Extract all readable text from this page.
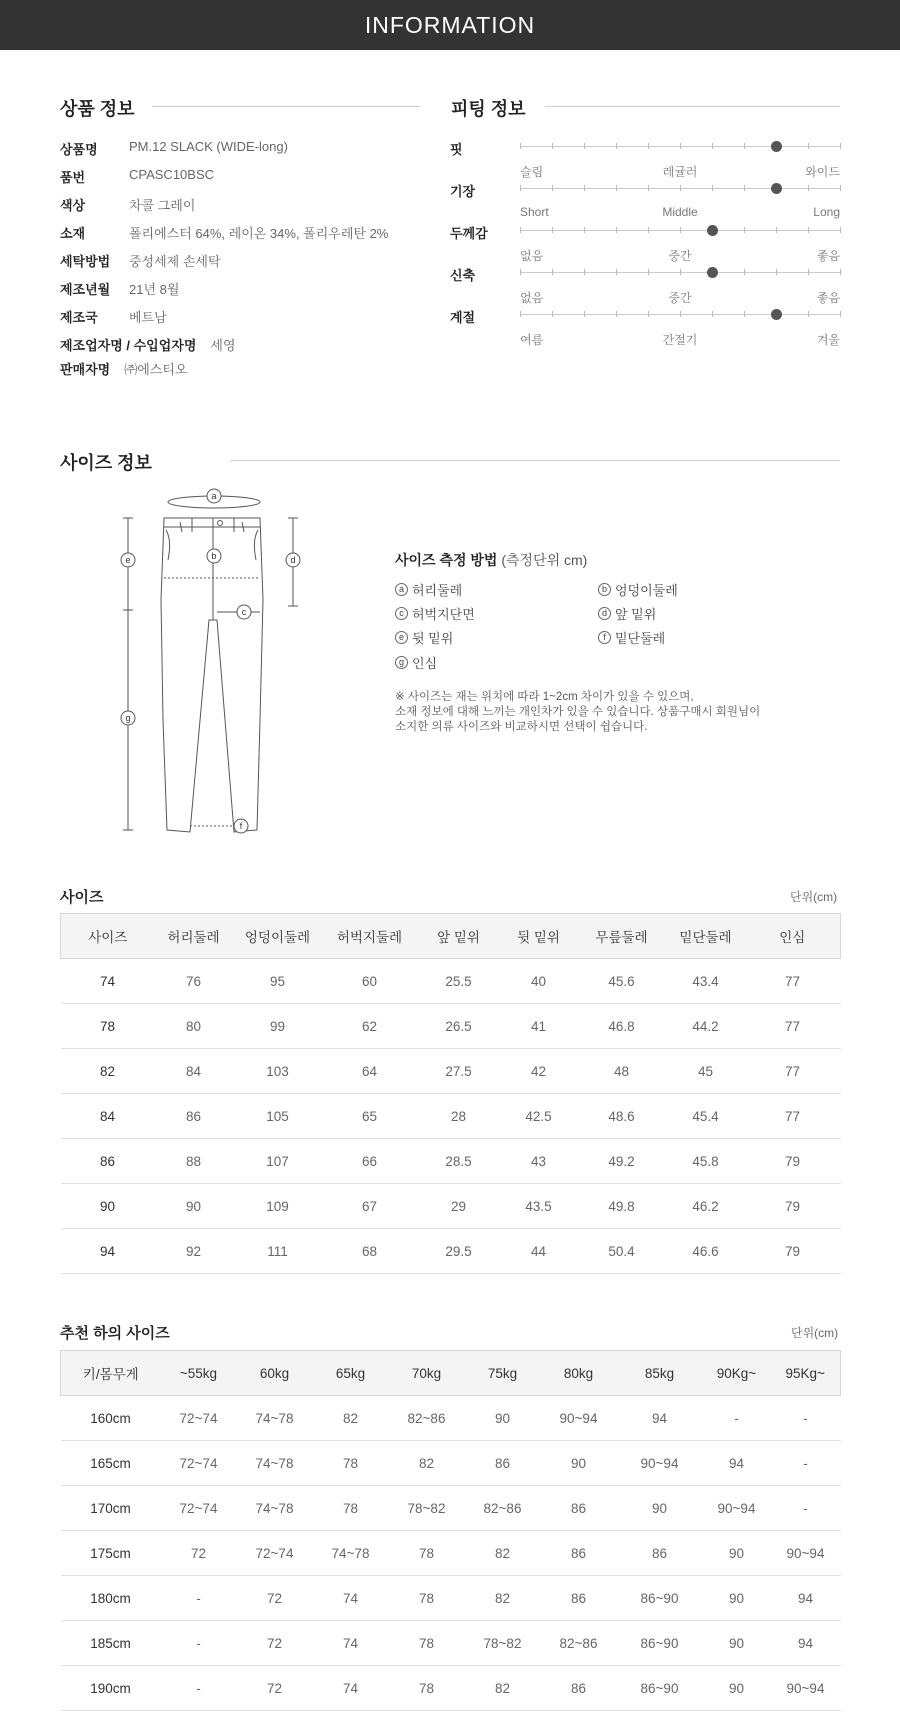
INFORMATION
상품 정보
상품명	PM.12 SLACK (WIDE-long)
품번	CPASC10BSC
색상	차콜 그레이
소재	폴리에스터 64%, 레이온 34%, 폴리우레탄 2%
세탁방법	중성세제 손세탁
제조년월	21년 8월
제조국	베트남
제조업자명 / 수입업자명 세영
판매자명 ㈜에스티오
피팅 정보
핏
슬림	레귤러	와이드
기장
Short	Middle	Long
두께감
없음	중간	좋음
신축
없음	중간	좋음
계절
여름	간절기	겨울
사이즈 정보
a
b
c
d
e
f
g
사이즈 측정 방법 (측정단위 cm)
a 허리둘레	b 엉덩이둘레
c 허벅지단면	d 앞 밑위
e 뒷 밑위	f 밑단둘레
g 인심
※ 사이즈는 재는 위치에 따라 1~2cm 차이가 있을 수 있으며,
소재 정보에 대해 느끼는 개인차가 있을 수 있습니다. 상품구매시 회원님이
소지한 의류 사이즈와 비교하시면 선택이 쉽습니다.
사이즈	단위(cm)
사이즈	허리둘레	엉덩이둘레	허벅지둘레	앞 밑위	뒷 밑위	무릎둘레	밑단둘레	인심
74	76	95	60	25.5	40	45.6	43.4	77
78	80	99	62	26.5	41	46.8	44.2	77
82	84	103	64	27.5	42	48	45	77
84	86	105	65	28	42.5	48.6	45.4	77
86	88	107	66	28.5	43	49.2	45.8	79
90	90	109	67	29	43.5	49.8	46.2	79
94	92	111	68	29.5	44	50.4	46.6	79
추천 하의 사이즈	단위(cm)
키/몸무게	~55kg	60kg	65kg	70kg	75kg	80kg	85kg	90Kg~	95Kg~
160cm	72~74	74~78	82	82~86	90	90~94	94	-	-
165cm	72~74	74~78	78	82	86	90	90~94	94	-
170cm	72~74	74~78	78	78~82	82~86	86	90	90~94	-
175cm	72	72~74	74~78	78	82	86	86	90	90~94
180cm	-	72	74	78	82	86	86~90	90	94
185cm	-	72	74	78	78~82	82~86	86~90	90	94
190cm	-	72	74	78	82	86	86~90	90	90~94
